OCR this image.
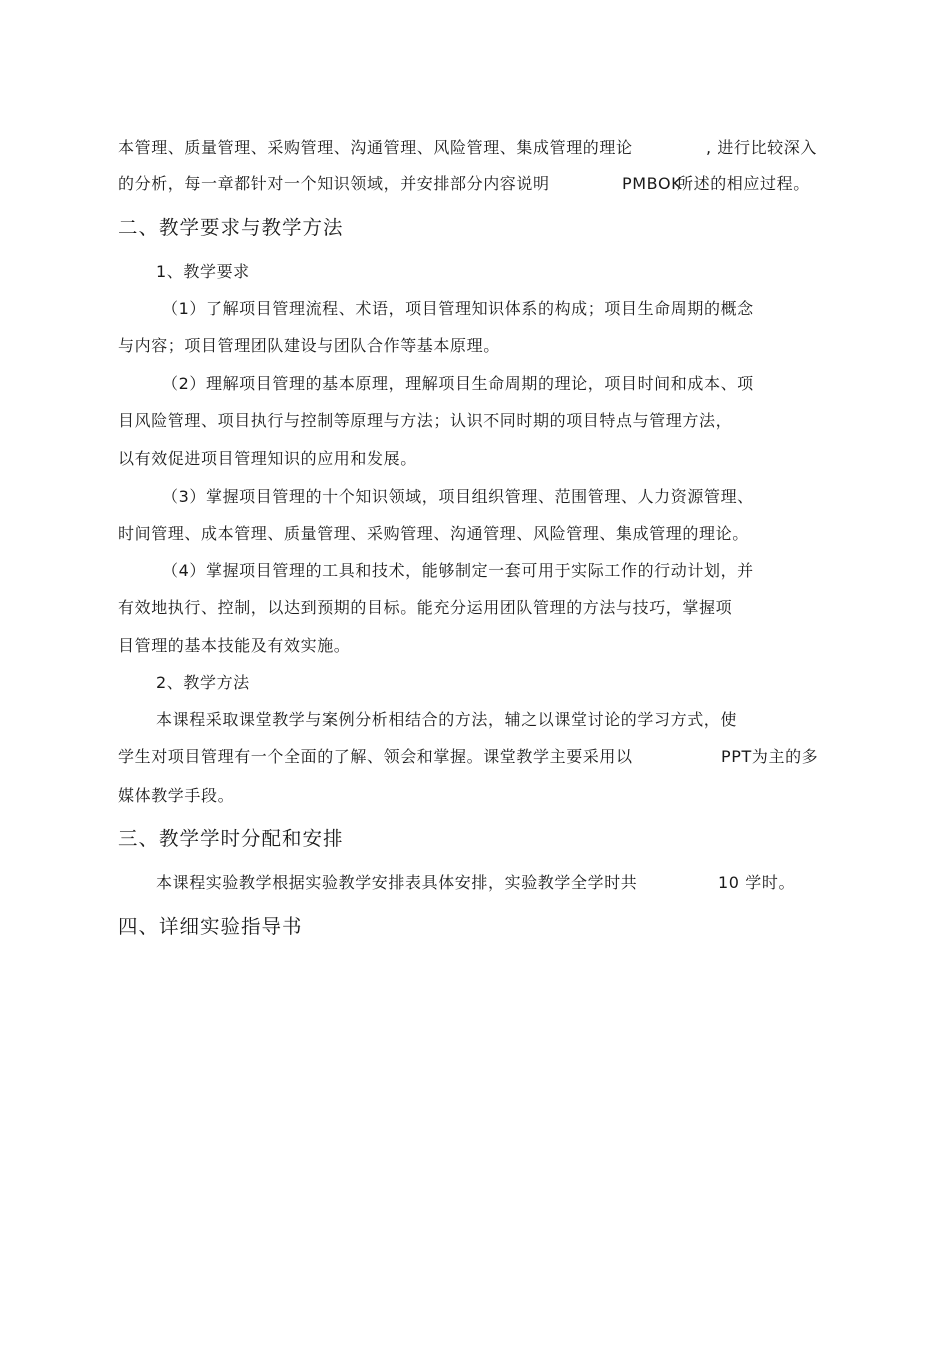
本管理、质量管理、采购管理、沟通管理、风险管理、集成管理的理论	, 进行比较深入
的分析，每一章都针对一个知识领域，并安排部分内容说明	PMBOK
所述的相应过程。
二、教学要求与教学方法
1、教学要求
（1）了解项目管理流程、术语，项目管理知识体系的构成；项目生命周期的概念
与内容；项目管理团队建设与团队合作等基本原理。
（2）理解项目管理的基本原理，理解项目生命周期的理论，项目时间和成本、项
目风险管理、项目执行与控制等原理与方法；认识不同时期的项目特点与管理方法，
以有效促进项目管理知识的应用和发展。
（3）掌握项目管理的十个知识领域，项目组织管理、范围管理、人力资源管理、
时间管理、成本管理、质量管理、采购管理、沟通管理、风险管理、集成管理的理论。
（4）掌握项目管理的工具和技术，能够制定一套可用于实际工作的行动计划，并
有效地执行、控制，以达到预期的目标。能充分运用团队管理的方法与技巧，掌握项
目管理的基本技能及有效实施。
2、教学方法
本课程采取课堂教学与案例分析相结合的方法，辅之以课堂讨论的学习方式，使
学生对项目管理有一个全面的了解、领会和掌握。课堂教学主要采用以	PPT为主的多
媒体教学手段。
三、教学学时分配和安排
本课程实验教学根据实验教学安排表具体安排，实验教学全学时共	10 学时。
四、详细实验指导书
